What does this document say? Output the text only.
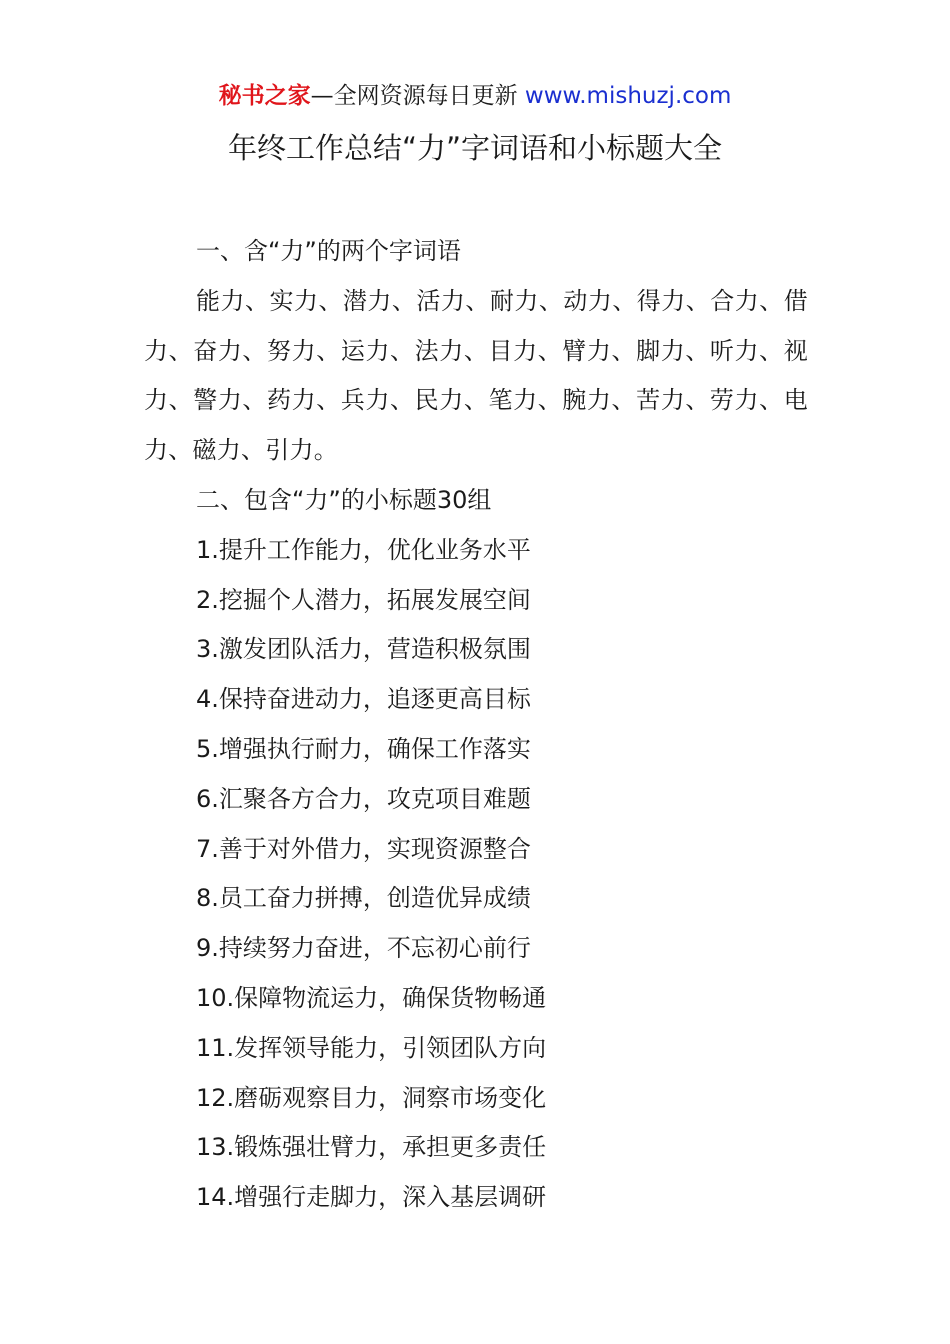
秘书之家—全网资源每日更新 www.mishuzj.com
年终工作总结“力”字词语和小标题大全
一、含“力”的两个字词语
能力、实力、潜力、活力、耐力、动力、得力、合力、借力、奋力、努力、运力、法力、目力、臂力、脚力、听力、视力、警力、药力、兵力、民力、笔力、腕力、苦力、劳力、电力、磁力、引力。
二、包含“力”的小标题30组
1.提升工作能力，优化业务水平
2.挖掘个人潜力，拓展发展空间
3.激发团队活力，营造积极氛围
4.保持奋进动力，追逐更高目标
5.增强执行耐力，确保工作落实
6.汇聚各方合力，攻克项目难题
7.善于对外借力，实现资源整合
8.员工奋力拼搏，创造优异成绩
9.持续努力奋进，不忘初心前行
10.保障物流运力，确保货物畅通
11.发挥领导能力，引领团队方向
12.磨砺观察目力，洞察市场变化
13.锻炼强壮臂力，承担更多责任
14.增强行走脚力，深入基层调研
